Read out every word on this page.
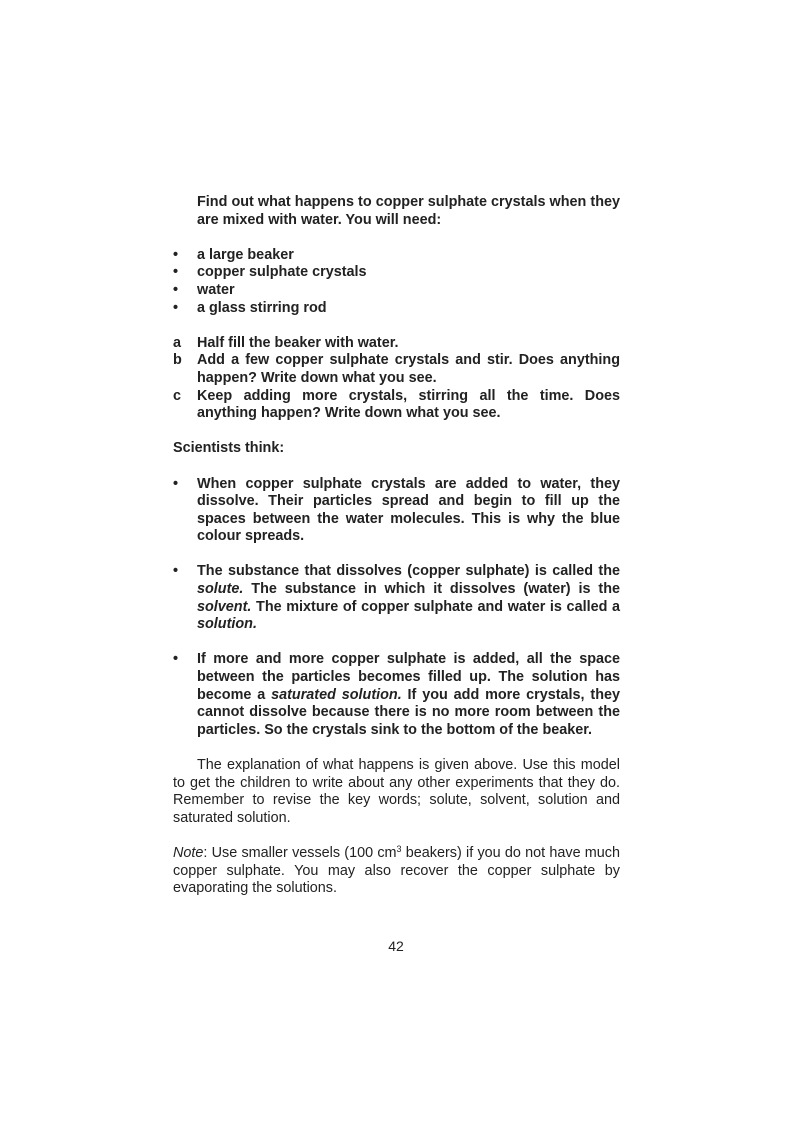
Find out what happens to copper sulphate crystals when they are mixed with water. You will need:

• a large beaker
• copper sulphate crystals
• water
• a glass stirring rod
a Half fill the beaker with water.
b Add a few copper sulphate crystals and stir. Does anything happen? Write down what you see.
c Keep adding more crystals, stirring all the time. Does anything happen? Write down what you see.

Scientists think:

• When copper sulphate crystals are added to water, they dissolve. Their particles spread and begin to fill up the spaces between the water molecules. This is why the blue colour spreads.
• The substance that dissolves (copper sulphate) is called the solute. The substance in which it dissolves (water) is the solvent. The mixture of copper sulphate and water is called a solution.
• If more and more copper sulphate is added, all the space between the particles becomes filled up. The solution has become a saturated solution. If you add more crystals, they cannot dissolve because there is no more room between the particles. So the crystals sink to the bottom of the beaker.

The explanation of what happens is given above. Use this model to get the children to write about any other experiments that they do. Remember to revise the key words; solute, solvent, solution and saturated solution.

Note: Use smaller vessels (100 $cm^3$ beakers) if you do not have much copper sulphate. You may also recover the copper sulphate by evaporating the solutions.

42
